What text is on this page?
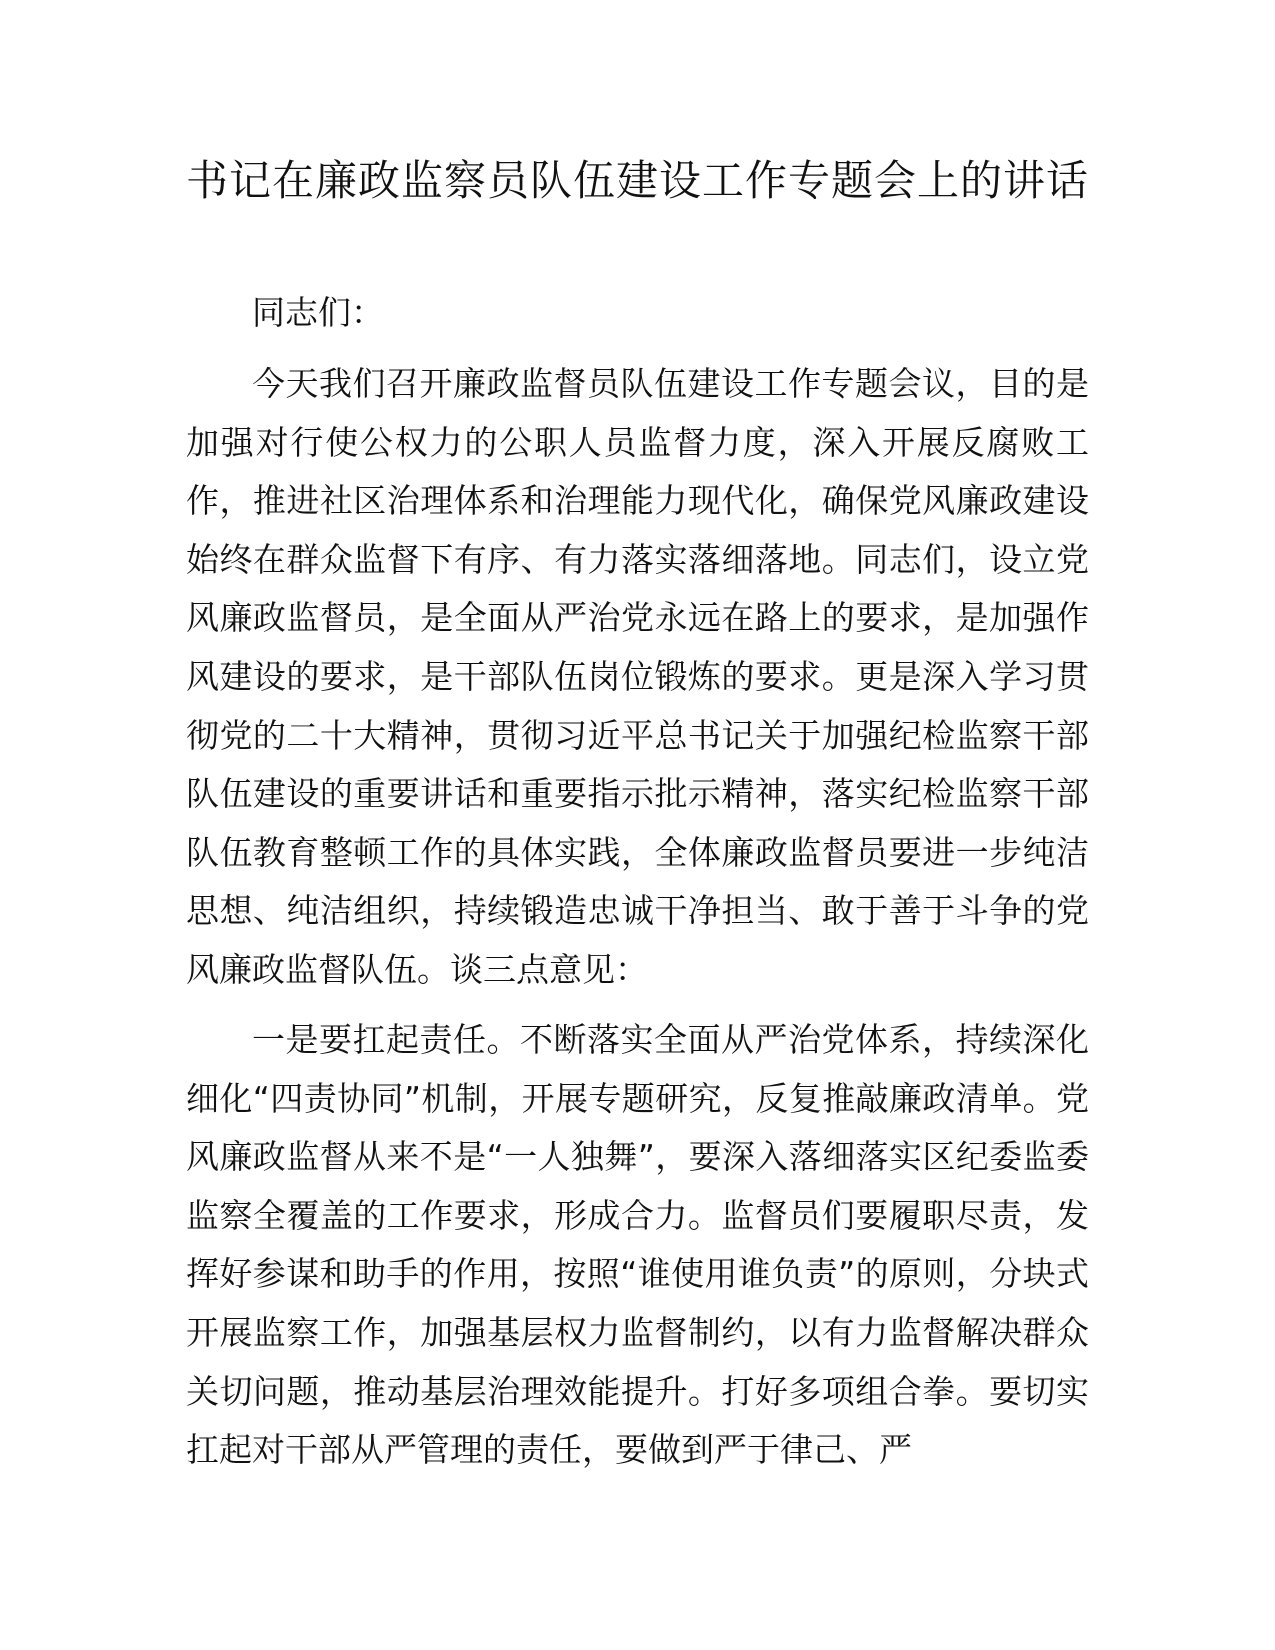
书记在廉政监察员队伍建设工作专题会上的讲话

同志们：

今天我们召开廉政监督员队伍建设工作专题会议，目的是加强对行使公权力的公职人员监督力度，深入开展反腐败工作，推进社区治理体系和治理能力现代化，确保党风廉政建设始终在群众监督下有序、有力落实落细落地。同志们，设立党风廉政监督员，是全面从严治党永远在路上的要求，是加强作风建设的要求，是干部队伍岗位锻炼的要求。更是深入学习贯彻党的二十大精神，贯彻习近平总书记关于加强纪检监察干部队伍建设的重要讲话和重要指示批示精神，落实纪检监察干部队伍教育整顿工作的具体实践，全体廉政监督员要进一步纯洁思想、纯洁组织，持续锻造忠诚干净担当、敢于善于斗争的党风廉政监督队伍。谈三点意见：

一是要扛起责任。不断落实全面从严治党体系，持续深化细化“四责协同”机制，开展专题研究，反复推敲廉政清单。党风廉政监督从来不是“一人独舞”，要深入落细落实区纪委监委监察全覆盖的工作要求，形成合力。监督员们要履职尽责，发挥好参谋和助手的作用，按照“谁使用谁负责”的原则，分块式开展监察工作，加强基层权力监督制约，以有力监督解决群众关切问题，推动基层治理效能提升。打好多项组合拳。要切实扛起对干部从严管理的责任，要做到严于律己、严
